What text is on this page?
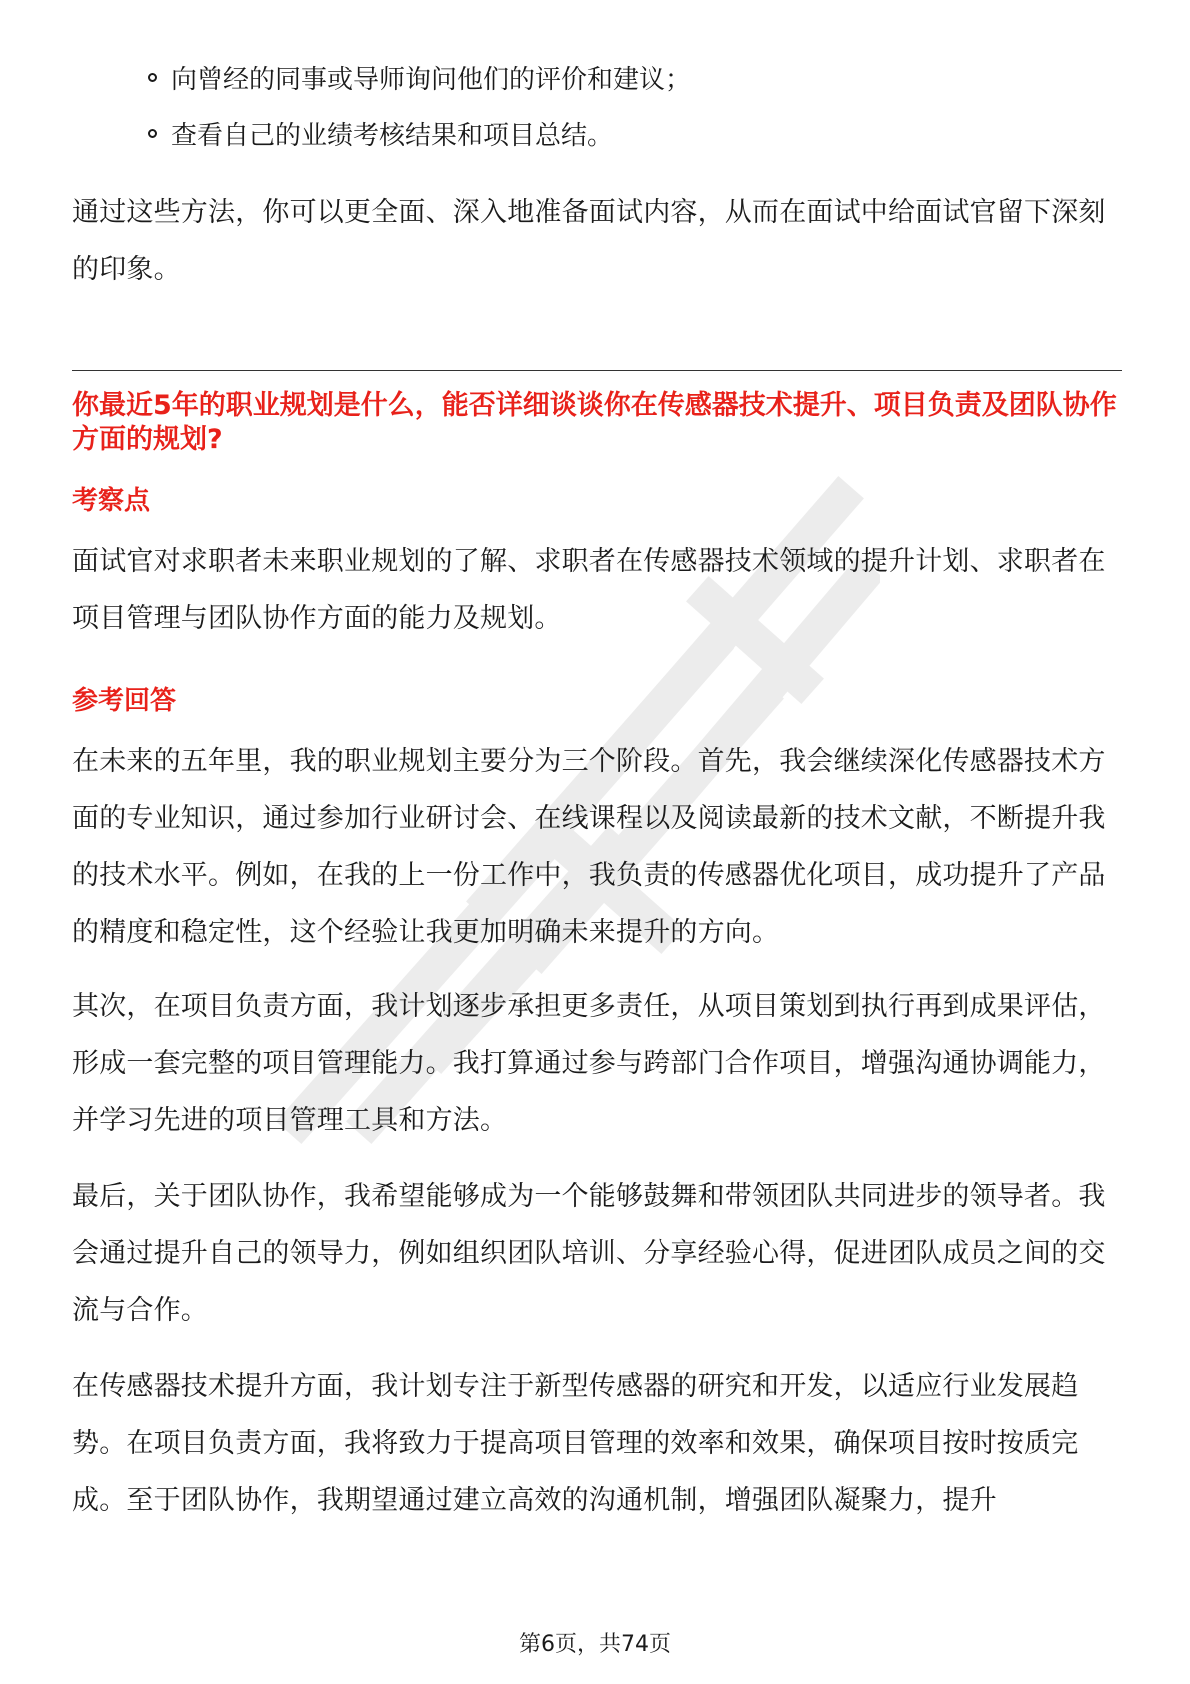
向曾经的同事或导师询问他们的评价和建议；
查看自己的业绩考核结果和项目总结。
通过这些方法，你可以更全面、深入地准备面试内容，从而在面试中给面试官留下深刻的印象。
你最近5年的职业规划是什么，能否详细谈谈你在传感器技术提升、项目负责及团队协作方面的规划?
考察点
面试官对求职者未来职业规划的了解、求职者在传感器技术领域的提升计划、求职者在项目管理与团队协作方面的能力及规划。
参考回答
在未来的五年里，我的职业规划主要分为三个阶段。首先，我会继续深化传感器技术方面的专业知识，通过参加行业研讨会、在线课程以及阅读最新的技术文献，不断提升我的技术水平。例如，在我的上一份工作中，我负责的传感器优化项目，成功提升了产品的精度和稳定性，这个经验让我更加明确未来提升的方向。
其次，在项目负责方面，我计划逐步承担更多责任，从项目策划到执行再到成果评估，形成一套完整的项目管理能力。我打算通过参与跨部门合作项目，增强沟通协调能力，并学习先进的项目管理工具和方法。
最后，关于团队协作，我希望能够成为一个能够鼓舞和带领团队共同进步的领导者。我会通过提升自己的领导力，例如组织团队培训、分享经验心得，促进团队成员之间的交流与合作。
在传感器技术提升方面，我计划专注于新型传感器的研究和开发，以适应行业发展趋势。在项目负责方面，我将致力于提高项目管理的效率和效果，确保项目按时按质完成。至于团队协作，我期望通过建立高效的沟通机制，增强团队凝聚力，提升
第6页，共74页
